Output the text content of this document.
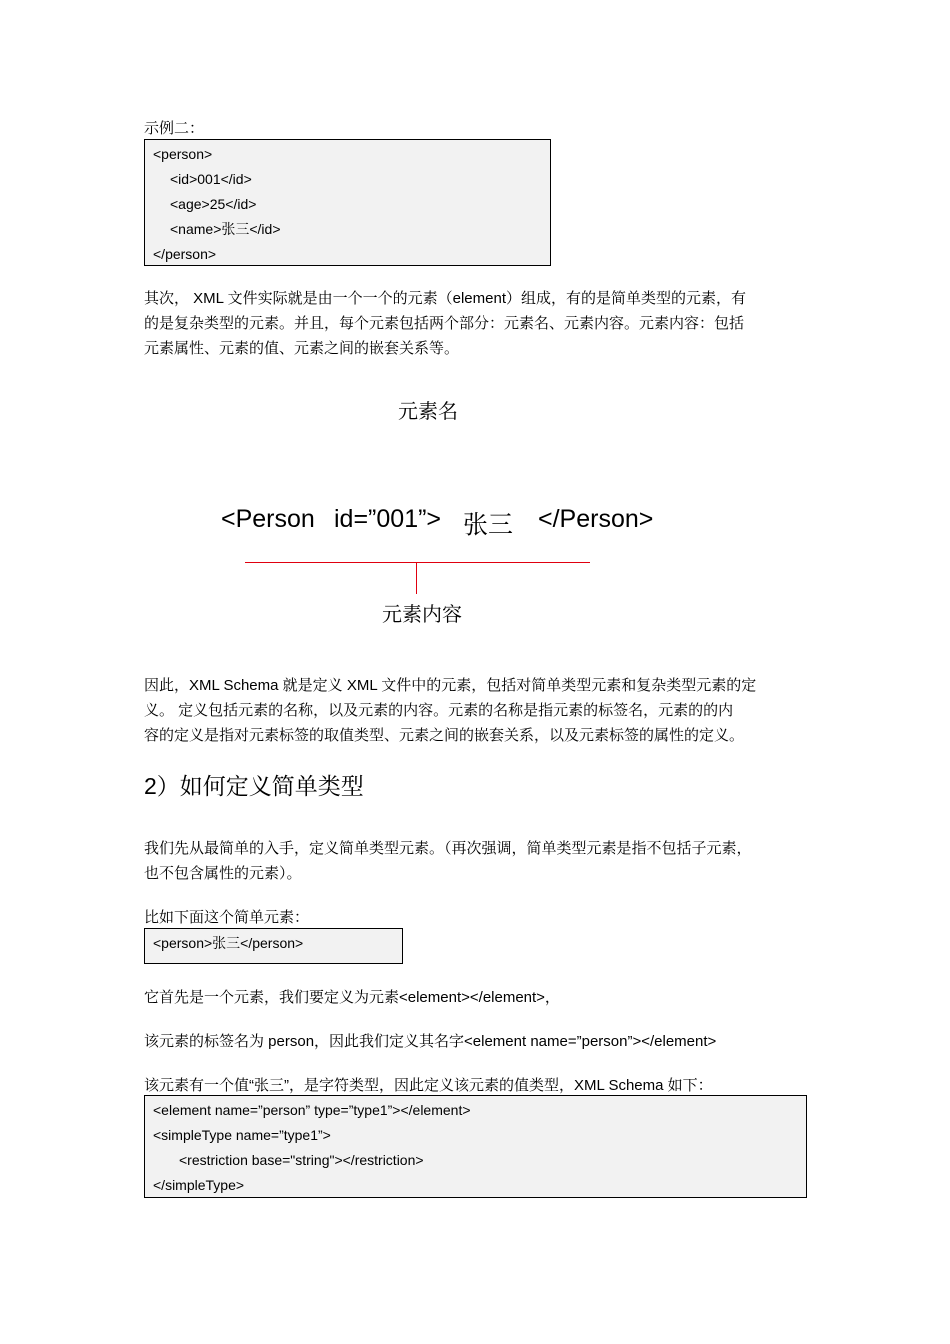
示例二：
<person>
<id>001</id>
<age>25</id>
<name>张三</id>
</person>
其次， XML 文件实际就是由一个一个的元素（element）组成，有的是简单类型的元素，有
的是复杂类型的元素。并且，每个元素包括两个部分：元素名、元素内容。元素内容：包括
元素属性、元素的值、元素之间的嵌套关系等。
元素名
<Person id=”001”> 张三 </Person>
元素内容
因此，XML Schema 就是定义 XML 文件中的元素，包括对简单类型元素和复杂类型元素的定
义。 定义包括元素的名称，以及元素的内容。元素的名称是指元素的标签名，元素的的内
容的定义是指对元素标签的取值类型、元素之间的嵌套关系，以及元素标签的属性的定义。
2）如何定义简单类型
我们先从最简单的入手，定义简单类型元素。（再次强调，简单类型元素是指不包括子元素，
也不包含属性的元素）。
比如下面这个简单元素：
<person>张三</person>
它首先是一个元素，我们要定义为元素<element></element>，
该元素的标签名为 person，因此我们定义其名字<element name=”person”></element>
该元素有一个值“张三”，是字符类型，因此定义该元素的值类型，XML Schema 如下：
<element name=”person” type=”type1”></element>
<simpleType name=”type1”>
<restriction base="string"></restriction>
</simpleType>
